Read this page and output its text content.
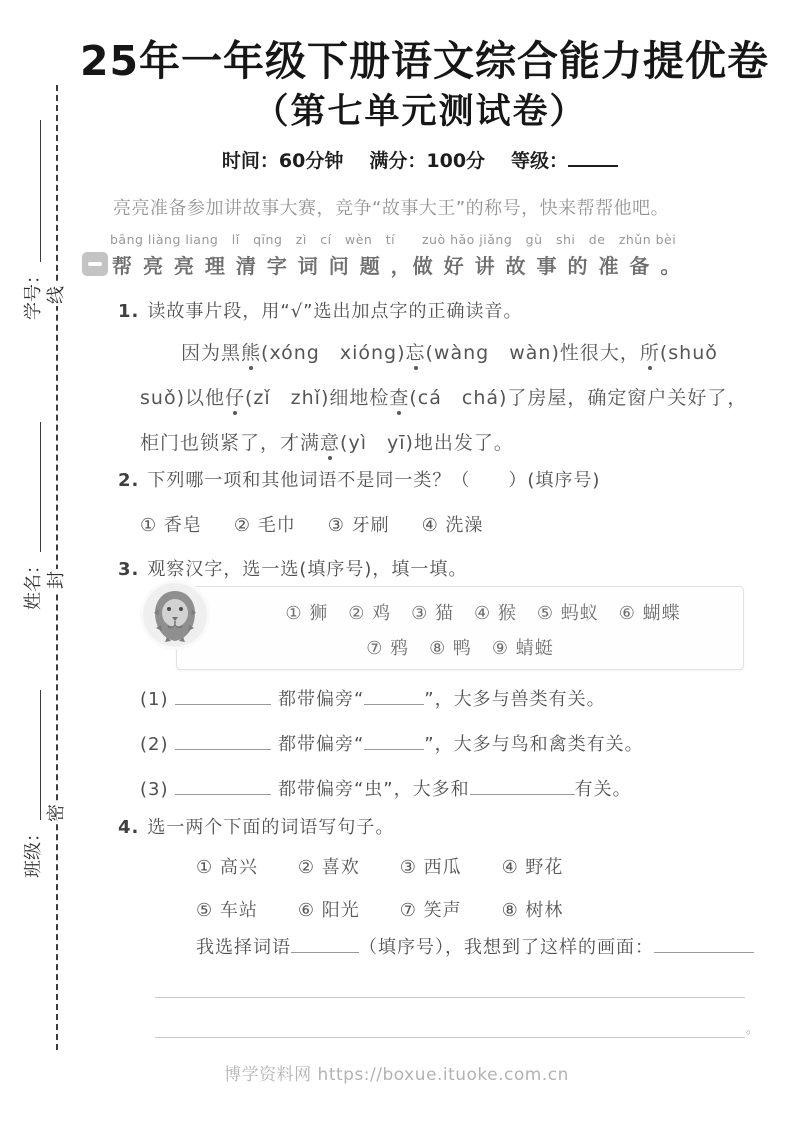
学号：
姓名：
班级：
线
封
密
25年一年级下册语文综合能力提优卷
（第七单元测试卷）
时间：60分钟 满分：100分 等级：
亮亮准备参加讲故事大赛，竞争“故事大王”的称号，快来帮帮他吧。
bāng liàng liang   lǐ   qīng   zì   cí   wèn   tí      zuò hǎo jiǎng   gù   shi   de   zhǔn bèi
帮 亮 亮 理 清 字 词 问 题 ，做 好 讲 故 事 的 准 备 。
1. 读故事片段，用“√”选出加点字的正确读音。
因为黑熊(xóng　xióng)忘(wàng　wàn)性很大，所(shuǒ
suǒ)以他仔(zǐ　zhǐ)细地检查(cá　chá)了房屋，确定窗户关好了，
柜门也锁紧了，才满意(yì　yī)地出发了。
2. 下列哪一项和其他词语不是同一类？（　　）(填序号)
① 香皂 ② 毛巾 ③ 牙刷 ④ 洗澡
3. 观察汉字，选一选(填序号)，填一填。
① 狮 ② 鸡 ③ 猫 ④ 猴 ⑤ 蚂蚁 ⑥ 蝴蝶
⑦ 鸦 ⑧ 鸭 ⑨ 蜻蜓
(1)	都带偏旁“	”，大多与兽类有关。
(2)	都带偏旁“	”，大多与鸟和禽类有关。
(3)	都带偏旁“虫”，大多和	有关。
4. 选一两个下面的词语写句子。
① 高兴 ② 喜欢 ③ 西瓜 ④ 野花
⑤ 车站 ⑥ 阳光 ⑦ 笑声 ⑧ 树林
我选择词语	（填序号），我想到了这样的画面：
。
博学资料网 https://boxue.ituoke.com.cn
